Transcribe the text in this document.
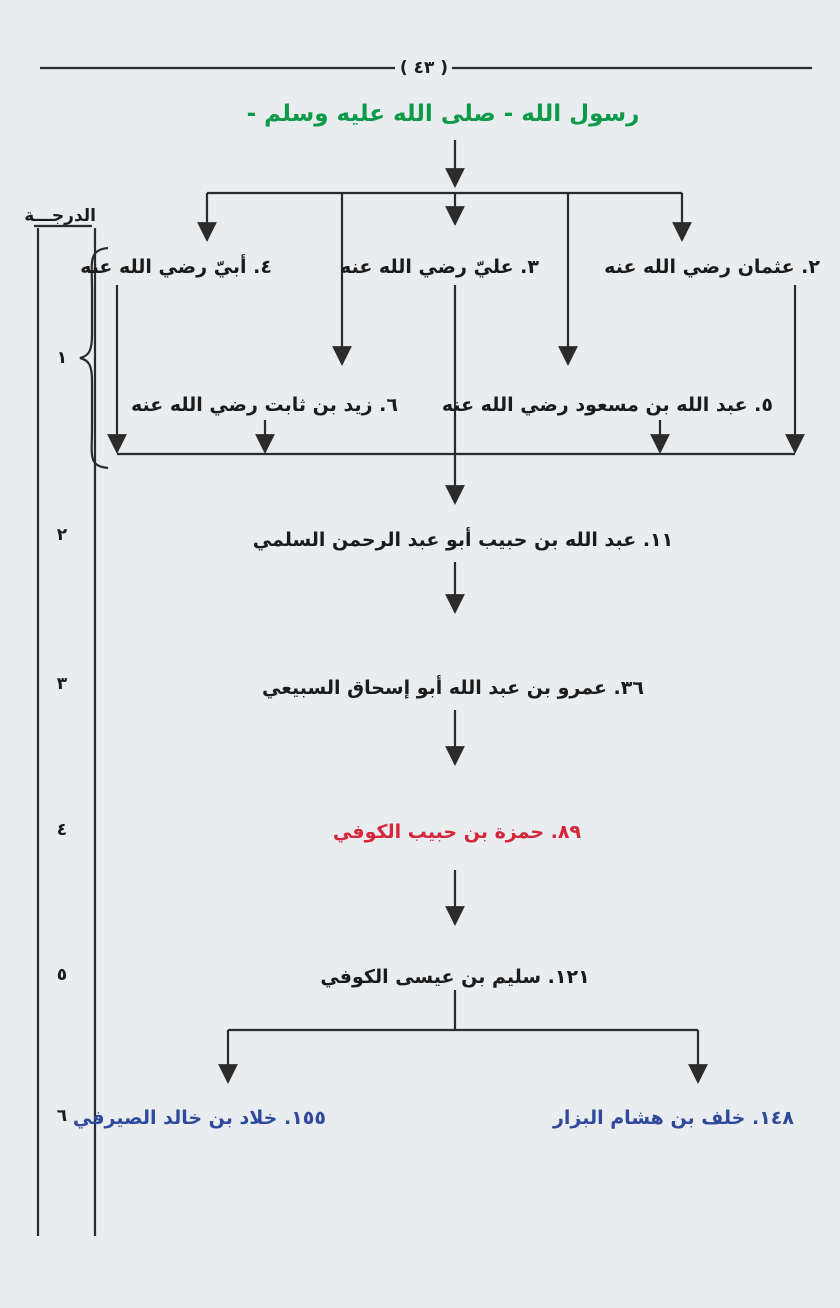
( ٤٣ )
الدرجـــة
رسول الله - صلى الله عليه وسلم -
٢. عثمان رضي الله عنه
٣. عليّ رضي الله عنه
٤. أبيّ رضي الله عنه
٥. عبد الله بن مسعود رضي الله عنه
٦. زيد بن ثابت رضي الله عنه
١١. عبد الله بن حبيب أبو عبد الرحمن السلمي
٣٦. عمرو بن عبد الله أبو إسحاق السبيعي
٨٩. حمزة بن حبيب الكوفي
١٢١. سليم بن عيسى الكوفي
١٤٨. خلف بن هشام البزار
١٥٥. خلاد بن خالد الصيرفي
١
٢
٣
٤
٥
٦
